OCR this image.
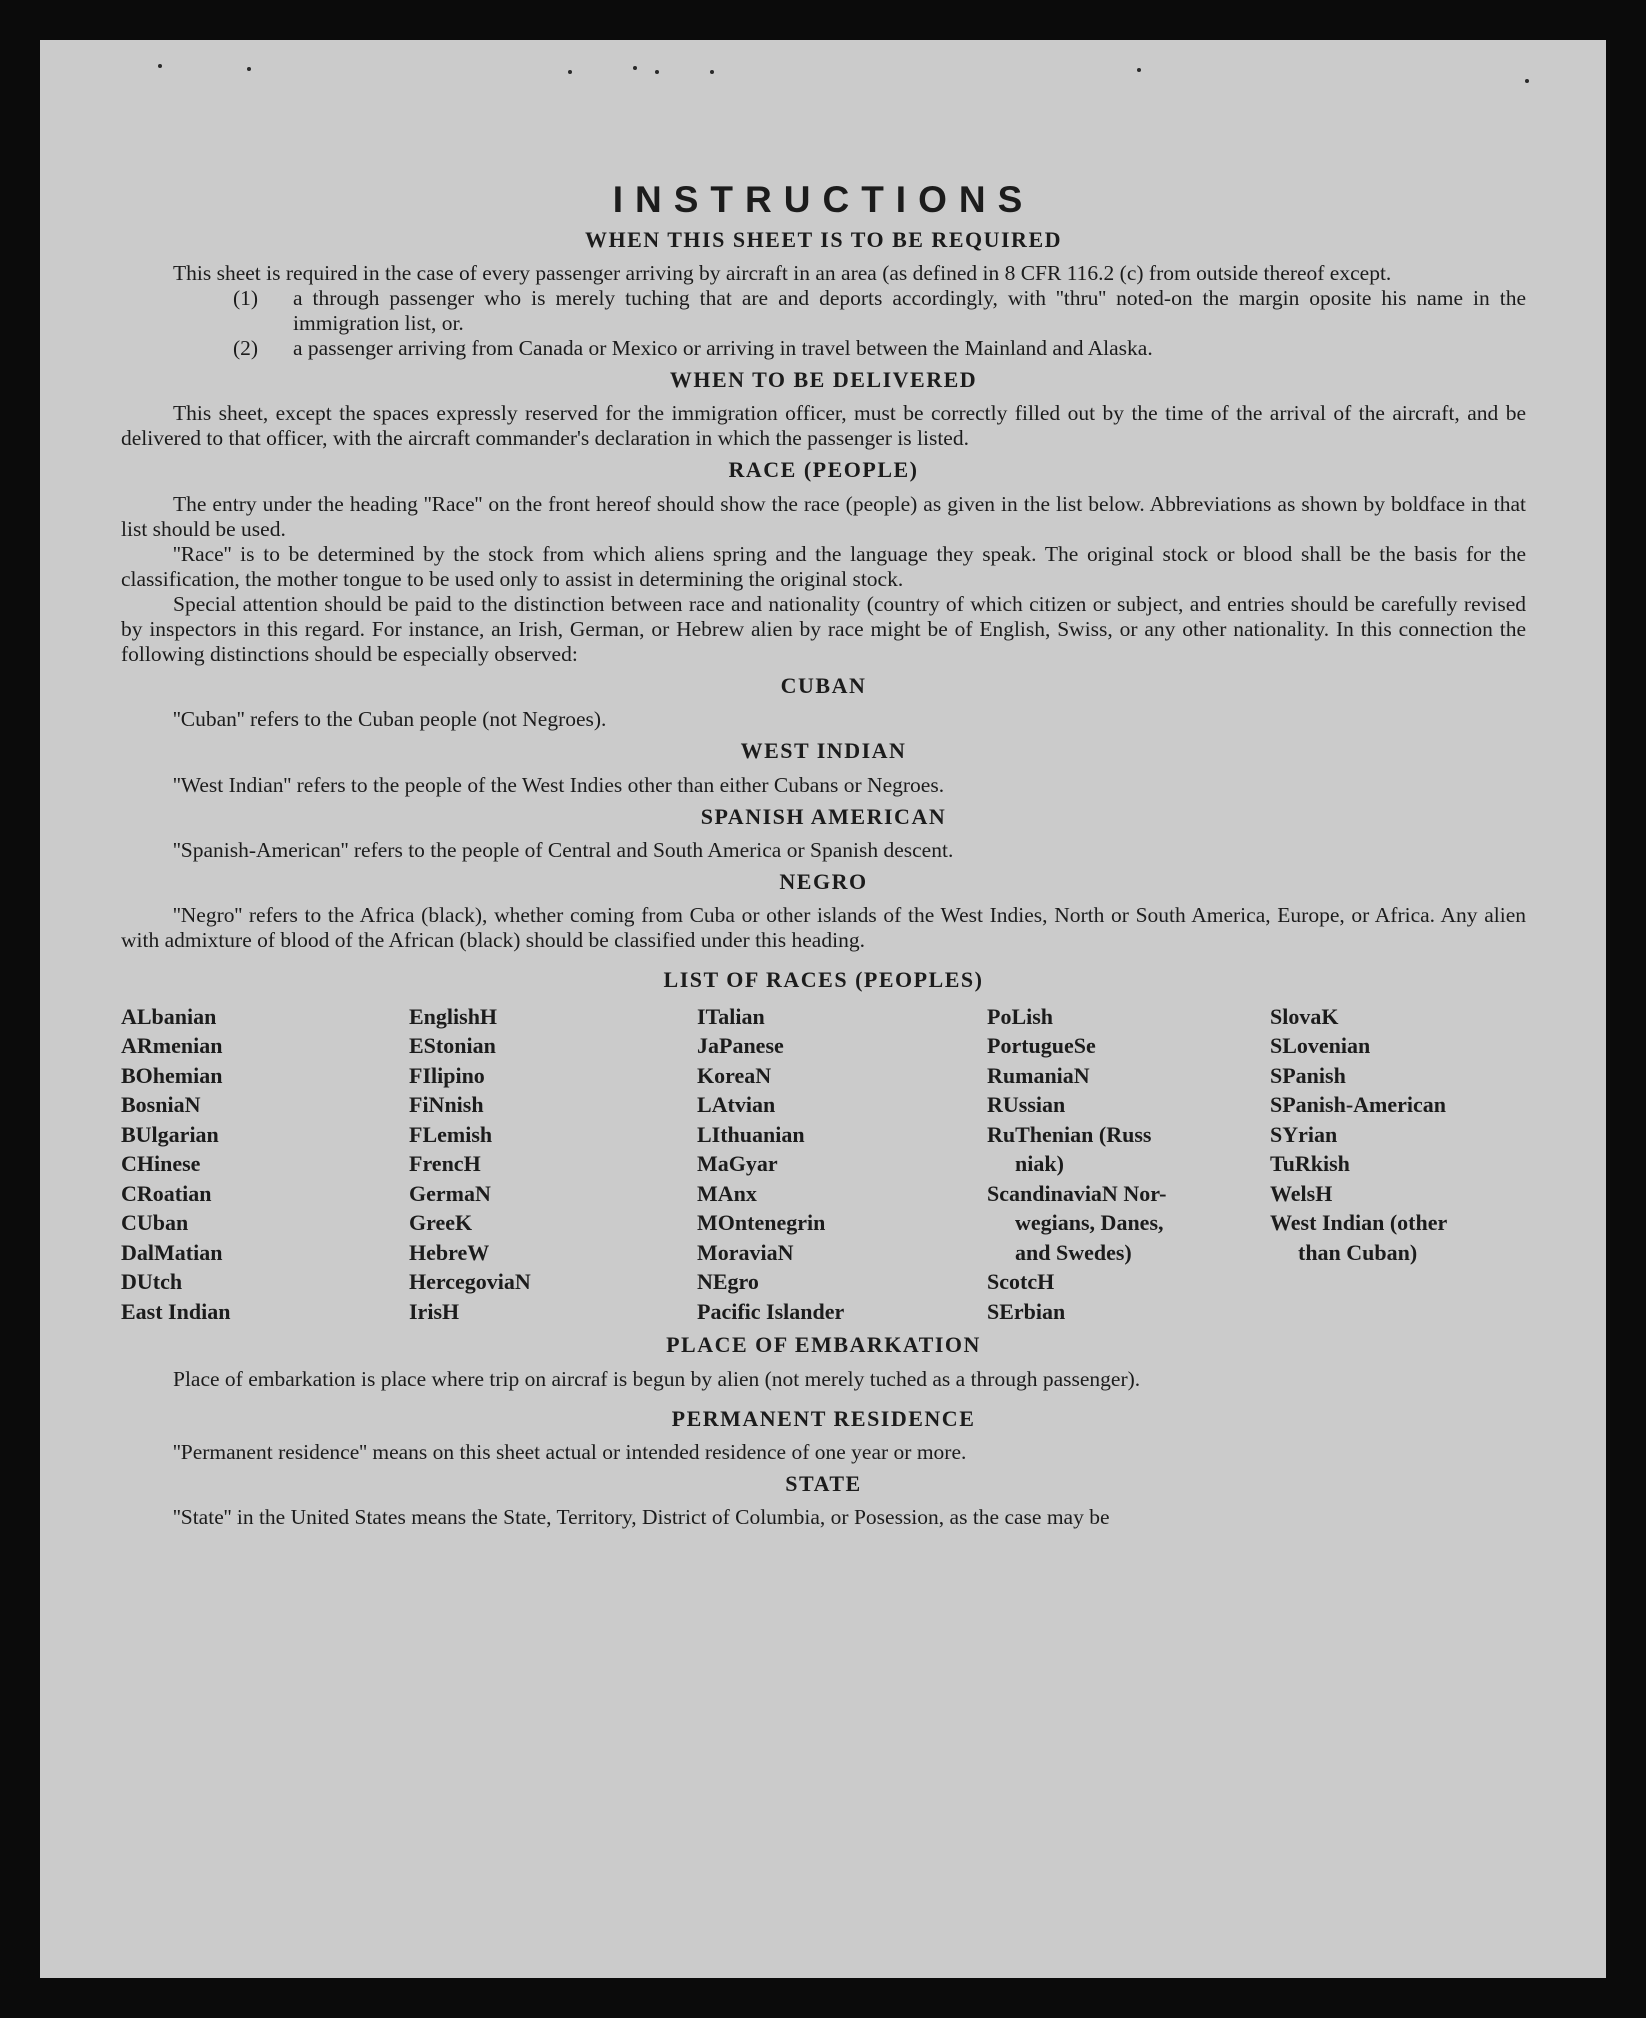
INSTRUCTIONS
WHEN THIS SHEET IS TO BE REQUIRED

This sheet is required in the case of every passenger arriving by aircraft in an area (as defined in 8 CFR 116.2 (c) from outside thereof except.

(1) a through passenger who is merely tuching that are and deports accordingly, with ''thru'' noted-on the margin oposite his name in the immigration list, or.

(2) a passenger arriving from Canada or Mexico or arriving in travel between the Mainland and Alaska.

WHEN TO BE DELIVERED

This sheet, except the spaces expressly reserved for the immigration officer, must be correctly filled out by the time of the arrival of the aircraft, and be delivered to that officer, with the aircraft commander's declaration in which the passenger is listed.

RACE (PEOPLE)

The entry under the heading ''Race'' on the front hereof should show the race (people) as given in the list below. Abbreviations as shown by boldface in that list should be used.

''Race'' is to be determined by the stock from which aliens spring and the language they speak. The original stock or blood shall be the basis for the classification, the mother tongue to be used only to assist in determining the original stock.

Special attention should be paid to the distinction between race and nationality (country of which citizen or subject, and entries should be carefully revised by inspectors in this regard. For instance, an Irish, German, or Hebrew alien by race might be of English, Swiss, or any other nationality. In this connection the following distinctions should be especially observed:

CUBAN

''Cuban'' refers to the Cuban people (not Negroes).

WEST INDIAN

''West Indian'' refers to the people of the West Indies other than either Cubans or Negroes.

SPANISH AMERICAN

''Spanish-American'' refers to the people of Central and South America or Spanish descent.

NEGRO

''Negro'' refers to the Africa (black), whether coming from Cuba or other islands of the West Indies, North or South America, Europe, or Africa. Any alien with admixture of blood of the African (black) should be classified under this heading.

LIST OF RACES (PEOPLES)
ALbanian
ARmenian
BOhemian
BosniaN
BUlgarian
CHinese
CRoatian
CUban
DalMatian
DUtch
East Indian
EnglishH
EStonian
FIlipino
FiNnish
FLemish
FrencH
GermaN
GreeK
HebreW
HercegoviaN
IrisH
ITalian
JaPanese
KoreaN
LAtvian
LIthuanian
MaGyar
MAnx
MOntenegrin
MoraviaN
NEgro
Pacific Islander
PoLish
PortugueSe
RumaniaN
RUssian
RuThenian (Russ
niak)
ScandinaviaN Nor-
wegians, Danes,
and Swedes)
ScotcH
SErbian
SlovaK
SLovenian
SPanish
SPanish-American
SYrian
TuRkish
WelsH
West Indian (other
than Cuban)
PLACE OF EMBARKATION

Place of embarkation is place where trip on aircraf is begun by alien (not merely tuched as a through passenger).

PERMANENT RESIDENCE

''Permanent residence'' means on this sheet actual or intended residence of one year or more.

STATE

''State'' in the United States means the State, Territory, District of Columbia, or Posession, as the case may be
